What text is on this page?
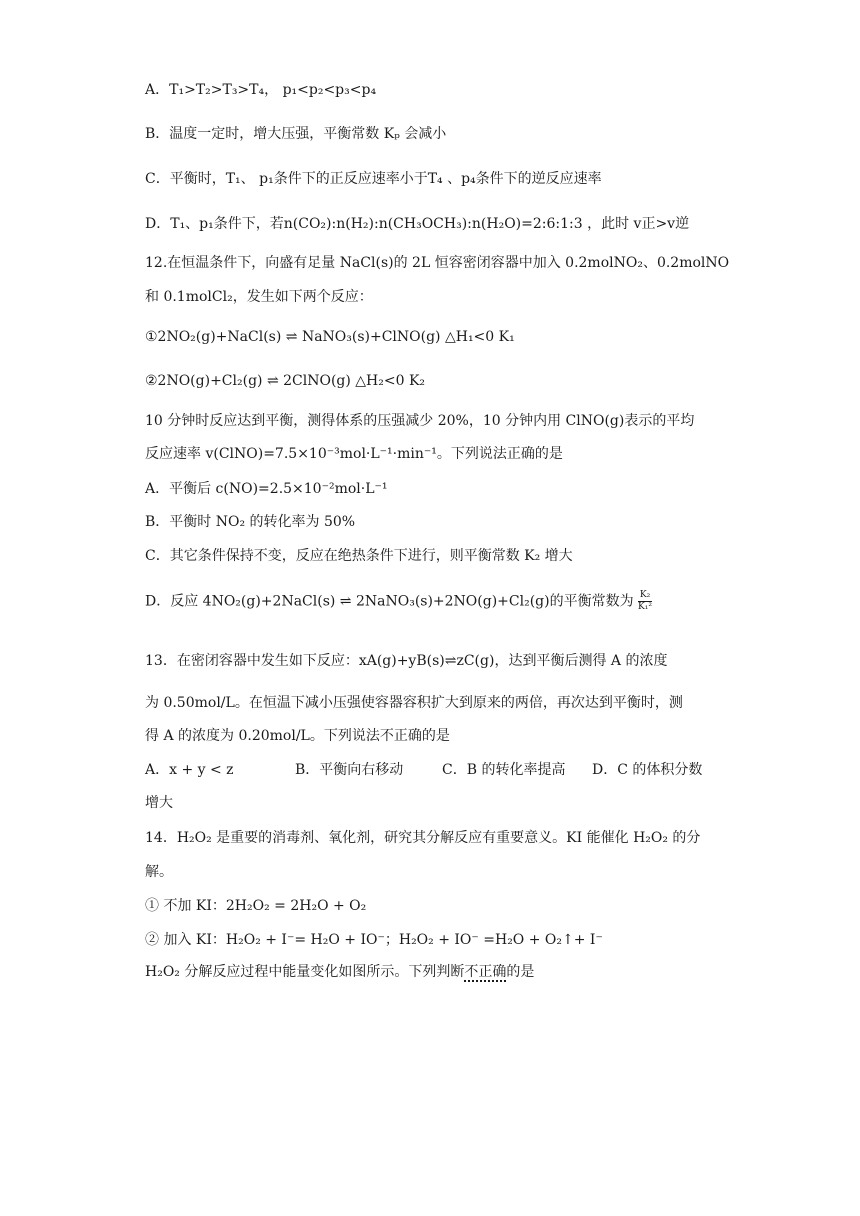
A．T₁>T₂>T₃>T₄， p₁<p₂<p₃<p₄
B．温度一定时，增大压强，平衡常数 Kₚ 会减小
C．平衡时，T₁、 p₁条件下的正反应速率小于T₄ 、p₄条件下的逆反应速率
D．T₁、p₁条件下，若n(CO₂):n(H₂):n(CH₃OCH₃):n(H₂O)=2:6:1:3 ，此时 v正>v逆
12.在恒温条件下，向盛有足量 NaCl(s)的 2L 恒容密闭容器中加入 0.2molNO₂、0.2molNO
和 0.1molCl₂，发生如下两个反应：
①2NO₂(g)+NaCl(s) ⇌ NaNO₃(s)+ClNO(g) △H₁<0 K₁
②2NO(g)+Cl₂(g) ⇌ 2ClNO(g) △H₂<0 K₂
10 分钟时反应达到平衡，测得体系的压强减少 20%，10 分钟内用 ClNO(g)表示的平均
反应速率 v(ClNO)=7.5×10⁻³mol·L⁻¹·min⁻¹。下列说法正确的是
A．平衡后 c(NO)=2.5×10⁻²mol·L⁻¹
B．平衡时 NO₂ 的转化率为 50%
C．其它条件保持不变，反应在绝热条件下进行，则平衡常数 K₂ 增大
D．反应 4NO₂(g)+2NaCl(s) ⇌ 2NaNO₃(s)+2NO(g)+Cl₂(g)的平衡常数为 $\frac{\text{K₂}}{\text{K₁²}}$
13．在密闭容器中发生如下反应：xA(g)+yB(s)⇌zC(g)，达到平衡后测得 A 的浓度
为 0.50mol/L。在恒温下减小压强使容器容积扩大到原来的两倍，再次达到平衡时，测
得 A 的浓度为 0.20mol/L。下列说法不正确的是
A．x + y < z	B．平衡向右移动	C．B 的转化率提高 D．C 的体积分数
增大
14．H₂O₂ 是重要的消毒剂、氧化剂，研究其分解反应有重要意义。KI 能催化 H₂O₂ 的分
解。
① 不加 KI：2H₂O₂ = 2H₂O + O₂
② 加入 KI：H₂O₂ + I⁻= H₂O + IO⁻；H₂O₂ + IO⁻ =H₂O + O₂↑+ I⁻
H₂O₂ 分解反应过程中能量变化如图所示。下列判断不正确的是
